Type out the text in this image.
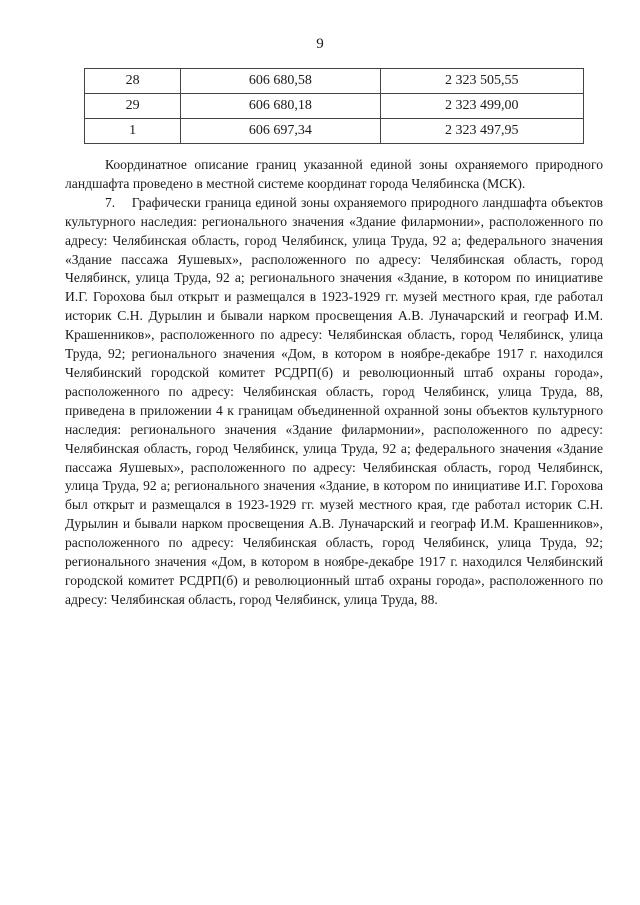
9
28	606 680,58	2 323 505,55
29	606 680,18	2 323 499,00
1	606 697,34	2 323 497,95

Координатное описание границ указанной единой зоны охраняемого природного ландшафта проведено в местной системе координат города Челябинска (МСК).

7.    Графически граница единой зоны охраняемого природного ландшафта объектов культурного наследия: регионального значения «Здание филармонии», расположенного по адресу: Челябинская область, город Челябинск, улица Труда, 92 а; федерального значения «Здание пассажа Яушевых», расположенного по адресу: Челябинская область, город Челябинск, улица Труда, 92 а; регионального значения «Здание, в котором по инициативе И.Г. Горохова был открыт и размещался в 1923-1929 гг. музей местного края, где работал историк С.Н. Дурылин и бывали нарком просвещения А.В. Луначарский и географ И.М. Крашенников», расположенного по адресу: Челябинская область, город Челябинск, улица Труда, 92; регионального значения «Дом, в котором в ноябре-декабре 1917 г. находился Челябинский городской комитет РСДРП(б) и революционный штаб охраны города», расположенного по адресу: Челябинская область, город Челябинск, улица Труда, 88, приведена в приложении 4 к границам объединенной охранной зоны объектов культурного наследия: регионального значения «Здание филармонии», расположенного по адресу: Челябинская область, город Челябинск, улица Труда, 92 а; федерального значения «Здание пассажа Яушевых», расположенного по адресу: Челябинская область, город Челябинск, улица Труда, 92 а; регионального значения «Здание, в котором по инициативе И.Г. Горохова был открыт и размещался в 1923-1929 гг. музей местного края, где работал историк С.Н. Дурылин и бывали нарком просвещения А.В. Луначарский и географ И.М. Крашенников», расположенного по адресу: Челябинская область, город Челябинск, улица Труда, 92; регионального значения «Дом, в котором в ноябре-декабре 1917 г. находился Челябинский городской комитет РСДРП(б) и революционный штаб охраны города», расположенного по адресу: Челябинская область, город Челябинск, улица Труда, 88.
